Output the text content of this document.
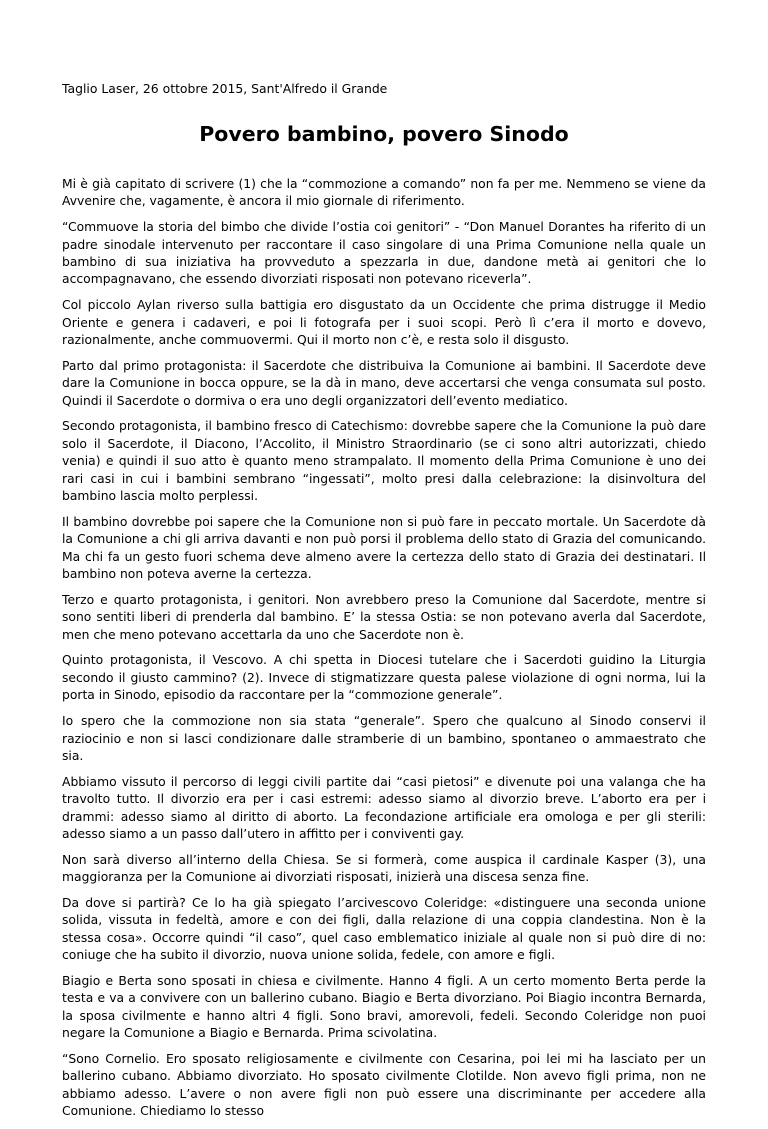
Taglio Laser, 26 ottobre 2015, Sant'Alfredo il Grande
Povero bambino, povero Sinodo

Mi è già capitato di scrivere (1) che la “commozione a comando” non fa per me. Nemmeno se viene da Avvenire che, vagamente, è ancora il mio giornale di riferimento.

“Commuove la storia del bimbo che divide l’ostia coi genitori” - “Don Manuel Dorantes ha riferito di un padre sinodale intervenuto per raccontare il caso singolare di una Prima Comunione nella quale un bambino di sua iniziativa ha provveduto a spezzarla in due, dandone metà ai genitori che lo accompagnavano, che essendo divorziati risposati non potevano riceverla”.

Col piccolo Aylan riverso sulla battigia ero disgustato da un Occidente che prima distrugge il Medio Oriente e genera i cadaveri, e poi li fotografa per i suoi scopi. Però lì c’era il morto e dovevo, razionalmente, anche commuovermi. Qui il morto non c’è, e resta solo il disgusto.

Parto dal primo protagonista: il Sacerdote che distribuiva la Comunione ai bambini. Il Sacerdote deve dare la Comunione in bocca oppure, se la dà in mano, deve accertarsi che venga consumata sul posto. Quindi il Sacerdote o dormiva o era uno degli organizzatori dell’evento mediatico.

Secondo protagonista, il bambino fresco di Catechismo: dovrebbe sapere che la Comunione la può dare solo il Sacerdote, il Diacono, l’Accolito, il Ministro Straordinario (se ci sono altri autorizzati, chiedo venia) e quindi il suo atto è quanto meno strampalato. Il momento della Prima Comunione è uno dei rari casi in cui i bambini sembrano “ingessati”, molto presi dalla celebrazione: la disinvoltura del bambino lascia molto perplessi.

Il bambino dovrebbe poi sapere che la Comunione non si può fare in peccato mortale. Un Sacerdote dà la Comunione a chi gli arriva davanti e non può porsi il problema dello stato di Grazia del comunicando. Ma chi fa un gesto fuori schema deve almeno avere la certezza dello stato di Grazia dei destinatari. Il bambino non poteva averne la certezza.

Terzo e quarto protagonista, i genitori. Non avrebbero preso la Comunione dal Sacerdote, mentre si sono sentiti liberi di prenderla dal bambino. E’ la stessa Ostia: se non potevano averla dal Sacerdote, men che meno potevano accettarla da uno che Sacerdote non è.

Quinto protagonista, il Vescovo. A chi spetta in Diocesi tutelare che i Sacerdoti guidino la Liturgia secondo il giusto cammino? (2). Invece di stigmatizzare questa palese violazione di ogni norma, lui la porta in Sinodo, episodio da raccontare per la “commozione generale”.

Io spero che la commozione non sia stata “generale”. Spero che qualcuno al Sinodo conservi il raziocinio e non si lasci condizionare dalle stramberie di un bambino, spontaneo o ammaestrato che sia.

Abbiamo vissuto il percorso di leggi civili partite dai “casi pietosi” e divenute poi una valanga che ha travolto tutto. Il divorzio era per i casi estremi: adesso siamo al divorzio breve. L’aborto era per i drammi: adesso siamo al diritto di aborto. La fecondazione artificiale era omologa e per gli sterili: adesso siamo a un passo dall’utero in affitto per i conviventi gay.

Non sarà diverso all’interno della Chiesa. Se si formerà, come auspica il cardinale Kasper (3), una maggioranza per la Comunione ai divorziati risposati, inizierà una discesa senza fine.

Da dove si partirà? Ce lo ha già spiegato l’arcivescovo Coleridge: «distinguere una seconda unione solida, vissuta in fedeltà, amore e con dei figli, dalla relazione di una coppia clandestina. Non è la stessa cosa». Occorre quindi “il caso”, quel caso emblematico iniziale al quale non si può dire di no: coniuge che ha subito il divorzio, nuova unione solida, fedele, con amore e figli.

Biagio e Berta sono sposati in chiesa e civilmente. Hanno 4 figli. A un certo momento Berta perde la testa e va a convivere con un ballerino cubano. Biagio e Berta divorziano. Poi Biagio incontra Bernarda, la sposa civilmente e hanno altri 4 figli. Sono bravi, amorevoli, fedeli. Secondo Coleridge non puoi negare la Comunione a Biagio e Bernarda. Prima scivolatina.

“Sono Cornelio. Ero sposato religiosamente e civilmente con Cesarina, poi lei mi ha lasciato per un ballerino cubano. Abbiamo divorziato. Ho sposato civilmente Clotilde. Non avevo figli prima, non ne abbiamo adesso. L’avere o non avere figli non può essere una discriminante per accedere alla Comunione. Chiediamo lo stesso
